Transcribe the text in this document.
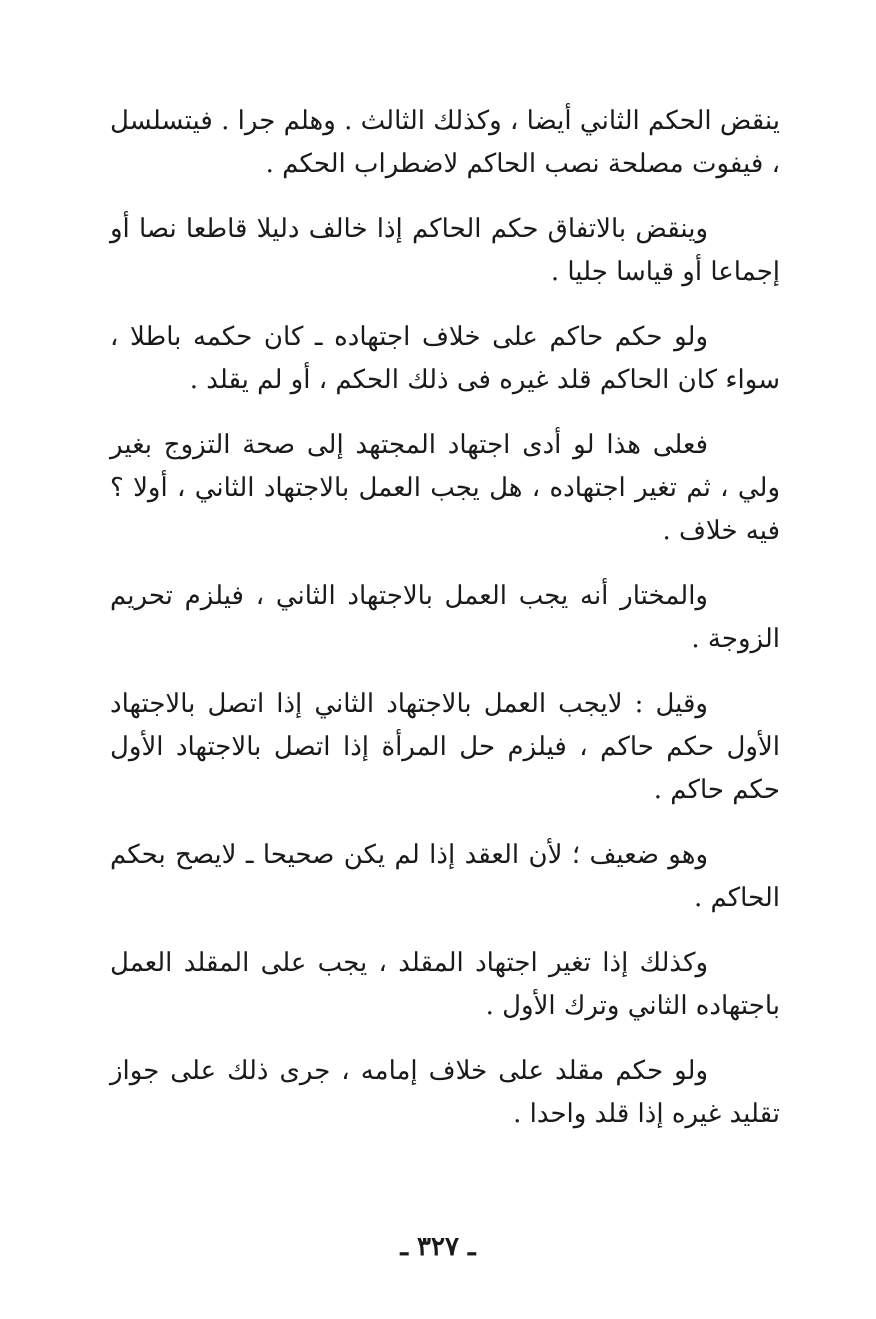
ينقض الحكم الثاني أيضا ، وكذلك الثالث . وهلم جرا . فيتسلسل ، فيفوت مصلحة نصب الحاكم لاضطراب الحكم .

وينقض بالاتفاق حكم الحاكم إذا خالف دليلا قاطعا نصا أو إجماعا أو قياسا جليا .

ولو حكم حاكم على خلاف اجتهاده ـ كان حكمه باطلا ، سواء كان الحاكم قلد غيره فى ذلك الحكم ، أو لم يقلد .

فعلى هذا لو أدى اجتهاد المجتهد إلى صحة التزوج بغير ولي ، ثم تغير اجتهاده ، هل يجب العمل بالاجتهاد الثاني ، أولا ؟ فيه خلاف .

والمختار أنه يجب العمل بالاجتهاد الثاني ، فيلزم تحريم الزوجة .

وقيل : لايجب العمل بالاجتهاد الثاني إذا اتصل بالاجتهاد الأول حكم حاكم ، فيلزم حل المرأة إذا اتصل بالاجتهاد الأول حكم حاكم .

وهو ضعيف ؛ لأن العقد إذا لم يكن صحيحا ـ لايصح بحكم الحاكم .

وكذلك إذا تغير اجتهاد المقلد ، يجب على المقلد العمل باجتهاده الثاني وترك الأول .

ولو حكم مقلد على خلاف إمامه ، جرى ذلك على جواز تقليد غيره إذا قلد واحدا .

ـ ٣٢٧ ـ
